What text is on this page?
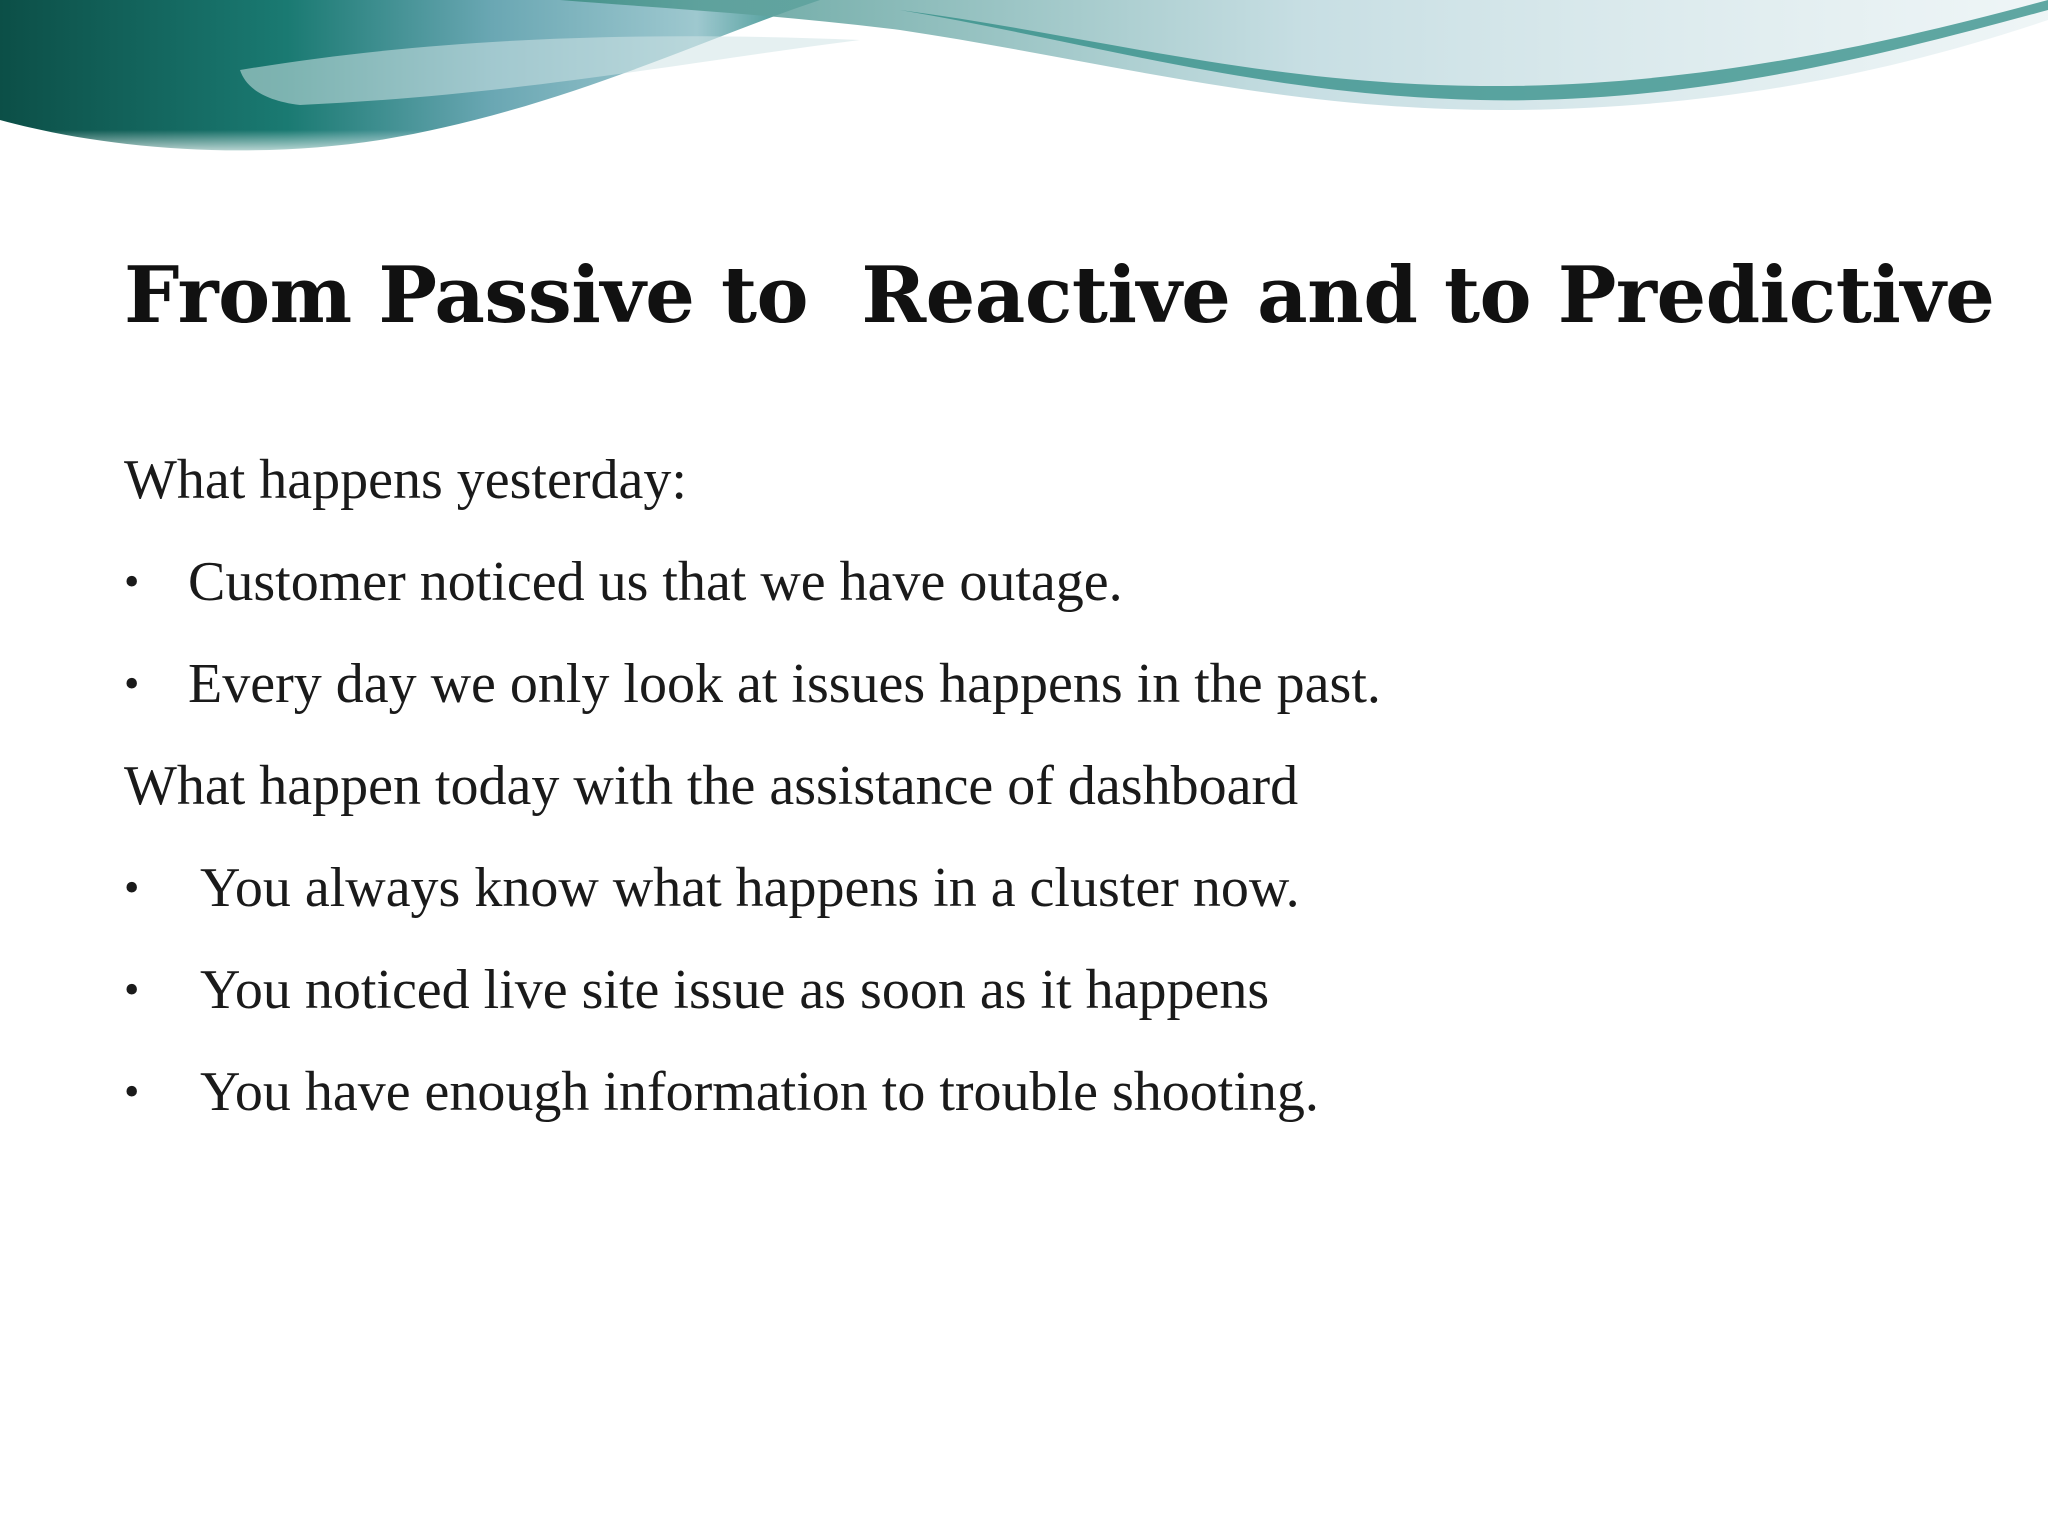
From Passive to  Reactive and to Predictive
What happens yesterday:
• Customer noticed us that we have outage.
• Every day we only look at issues happens in the past.
What happen today with the assistance of dashboard
• You always know what happens in a cluster now.
• You noticed live site issue as soon as it happens
• You have enough information to trouble shooting.
